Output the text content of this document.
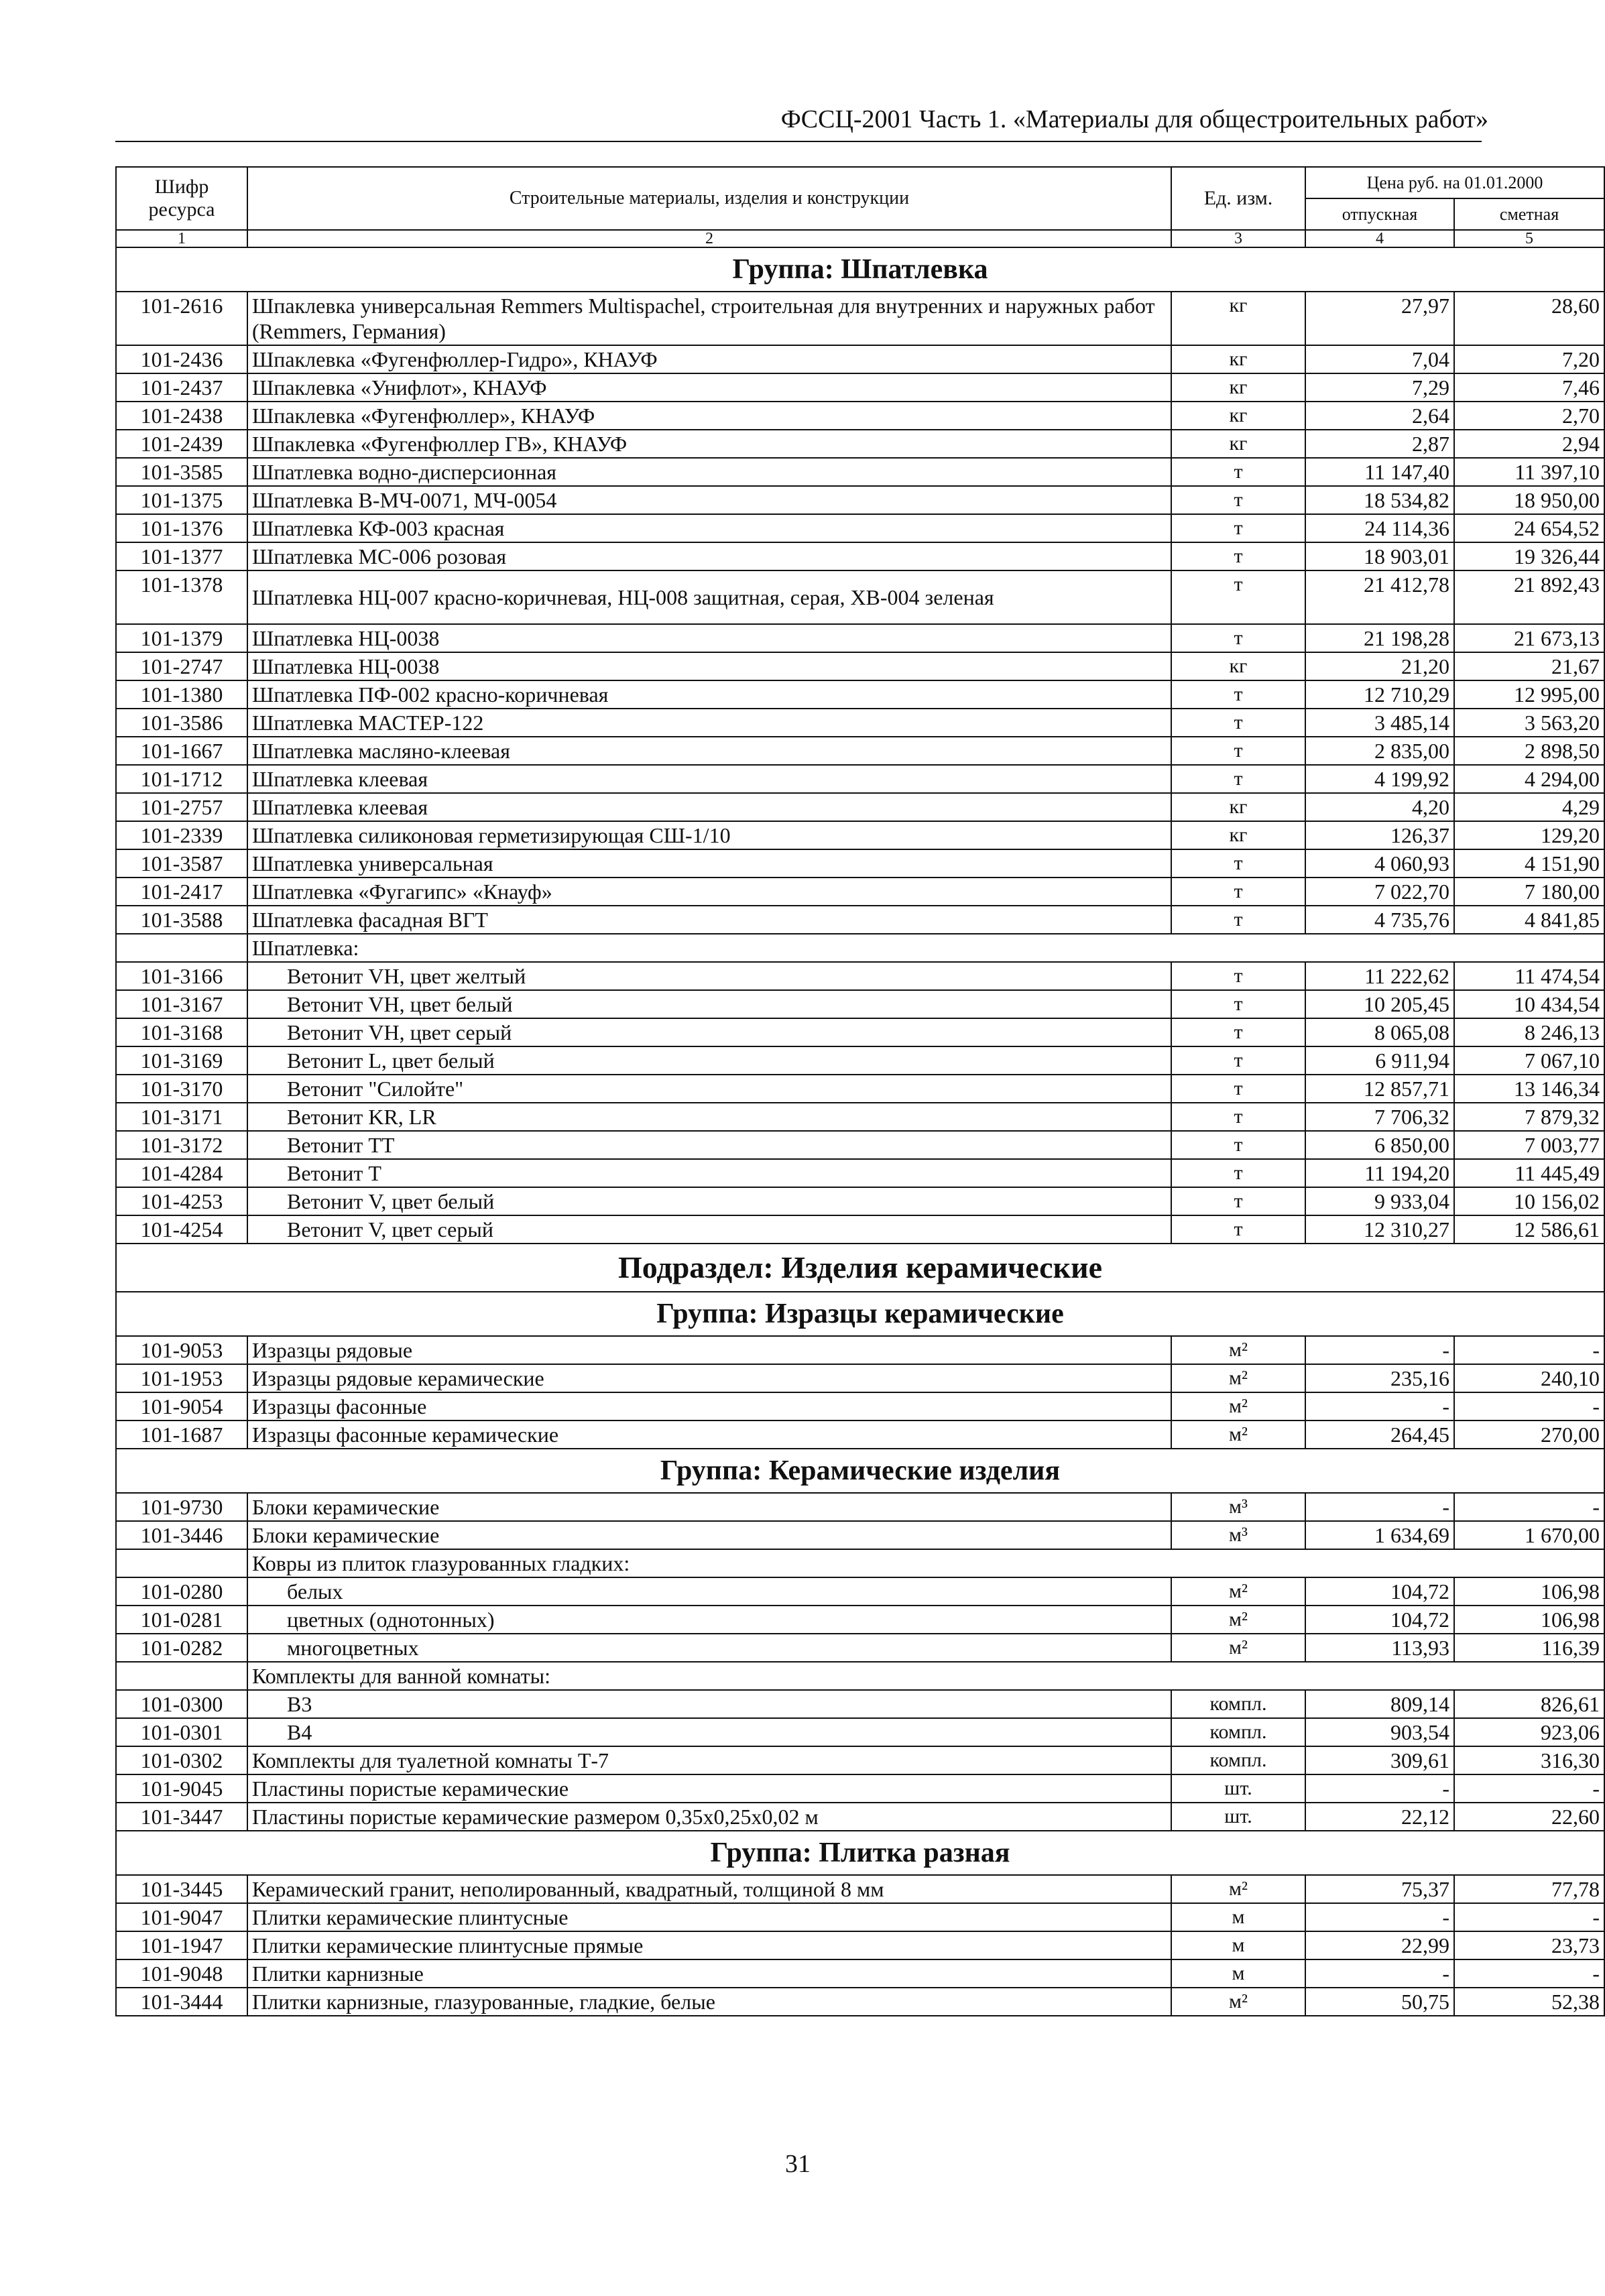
ФССЦ-2001 Часть 1. «Материалы для общестроительных работ»
Шифр ресурса	Строительные материалы, изделия и конструкции	Ед. изм.	Цена руб. на 01.01.2000	
			отпускная	сметная
1	2	3	4	5
Группа: Шпатлевка				
101-2616	Шпаклевка универсальная Remmers Multispachel, строительная для внутренних и наружных работ (Remmers, Германия)	кг	27,97	28,60
101-2436	Шпаклевка «Фугенфюллер-Гидро», КНАУФ	кг	7,04	7,20
101-2437	Шпаклевка «Унифлот», КНАУФ	кг	7,29	7,46
101-2438	Шпаклевка «Фугенфюллер», КНАУФ	кг	2,64	2,70
101-2439	Шпаклевка «Фугенфюллер ГВ», КНАУФ	кг	2,87	2,94
101-3585	Шпатлевка водно-дисперсионная	т	11 147,40	11 397,10
101-1375	Шпатлевка В-МЧ-0071, МЧ-0054	т	18 534,82	18 950,00
101-1376	Шпатлевка КФ-003 красная	т	24 114,36	24 654,52
101-1377	Шпатлевка МС-006 розовая	т	18 903,01	19 326,44
101-1378	Шпатлевка НЦ-007 красно-коричневая, НЦ-008 защитная, серая, ХВ-004 зеленая	т	21 412,78	21 892,43
101-1379	Шпатлевка НЦ-0038	т	21 198,28	21 673,13
101-2747	Шпатлевка НЦ-0038	кг	21,20	21,67
101-1380	Шпатлевка ПФ-002 красно-коричневая	т	12 710,29	12 995,00
101-3586	Шпатлевка МАСТЕР-122	т	3 485,14	3 563,20
101-1667	Шпатлевка масляно-клеевая	т	2 835,00	2 898,50
101-1712	Шпатлевка клеевая	т	4 199,92	4 294,00
101-2757	Шпатлевка клеевая	кг	4,20	4,29
101-2339	Шпатлевка силиконовая герметизирующая СШ-1/10	кг	126,37	129,20
101-3587	Шпатлевка универсальная	т	4 060,93	4 151,90
101-2417	Шпатлевка «Фугагипс» «Кнауф»	т	7 022,70	7 180,00
101-3588	Шпатлевка фасадная ВГТ	т	4 735,76	4 841,85
	Шпатлевка:			
101-3166	Ветонит VH, цвет желтый	т	11 222,62	11 474,54
101-3167	Ветонит VH, цвет белый	т	10 205,45	10 434,54
101-3168	Ветонит VH, цвет серый	т	8 065,08	8 246,13
101-3169	Ветонит L, цвет белый	т	6 911,94	7 067,10
101-3170	Ветонит "Силойте"	т	12 857,71	13 146,34
101-3171	Ветонит KR, LR	т	7 706,32	7 879,32
101-3172	Ветонит ТТ	т	6 850,00	7 003,77
101-4284	Ветонит Т	т	11 194,20	11 445,49
101-4253	Ветонит V, цвет белый	т	9 933,04	10 156,02
101-4254	Ветонит V, цвет серый	т	12 310,27	12 586,61
Подраздел: Изделия керамические				
Группа: Изразцы керамические				
101-9053	Изразцы рядовые	м²	-	-
101-1953	Изразцы рядовые керамические	м²	235,16	240,10
101-9054	Изразцы фасонные	м²	-	-
101-1687	Изразцы фасонные керамические	м²	264,45	270,00
Группа: Керамические изделия				
101-9730	Блоки керамические	м³	-	-
101-3446	Блоки керамические	м³	1 634,69	1 670,00
	Ковры из плиток глазурованных гладких:			
101-0280	белых	м²	104,72	106,98
101-0281	цветных (однотонных)	м²	104,72	106,98
101-0282	многоцветных	м²	113,93	116,39
	Комплекты для ванной комнаты:			
101-0300	В3	компл.	809,14	826,61
101-0301	В4	компл.	903,54	923,06
101-0302	Комплекты для туалетной комнаты Т-7	компл.	309,61	316,30
101-9045	Пластины пористые керамические	шт.	-	-
101-3447	Пластины пористые керамические размером 0,35х0,25х0,02 м	шт.	22,12	22,60
Группа: Плитка разная				
101-3445	Керамический гранит, неполированный, квадратный, толщиной 8 мм	м²	75,37	77,78
101-9047	Плитки керамические плинтусные	м	-	-
101-1947	Плитки керамические плинтусные прямые	м	22,99	23,73
101-9048	Плитки карнизные	м	-	-
101-3444	Плитки карнизные, глазурованные, гладкие, белые	м²	50,75	52,38
31
